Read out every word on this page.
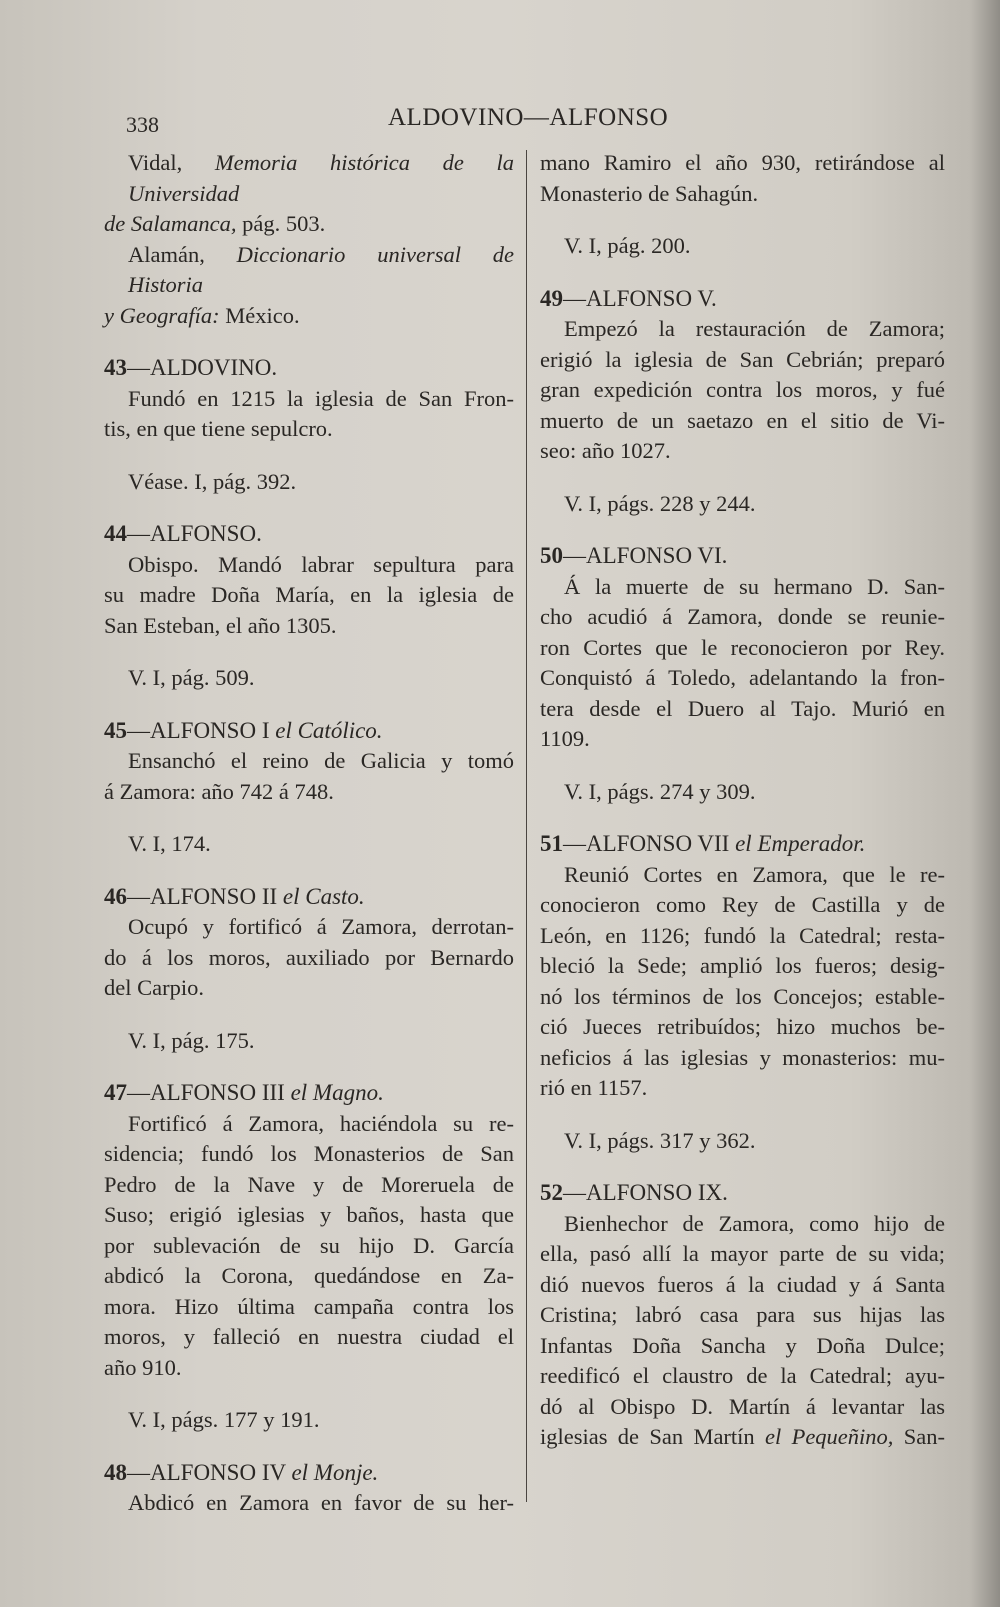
338	ALDOVINO—ALFONSO
Vidal, Memoria histórica de la Universidad
de Salamanca, pág. 503.
Alamán, Diccionario universal de Historia
y Geografía: México.
43—ALDOVINO.
Fundó en 1215 la iglesia de San Fron-
tis, en que tiene sepulcro.
Véase. I, pág. 392.
44—ALFONSO.
Obispo. Mandó labrar sepultura para
su madre Doña María, en la iglesia de
San Esteban, el año 1305.
V. I, pág. 509.
45—ALFONSO I el Católico.
Ensanchó el reino de Galicia y tomó
á Zamora: año 742 á 748.
V. I, 174.
46—ALFONSO II el Casto.
Ocupó y fortificó á Zamora, derrotan-
do á los moros, auxiliado por Bernardo
del Carpio.
V. I, pág. 175.
47—ALFONSO III el Magno.
Fortificó á Zamora, haciéndola su re-
sidencia; fundó los Monasterios de San
Pedro de la Nave y de Moreruela de
Suso; erigió iglesias y baños, hasta que
por sublevación de su hijo D. García
abdicó la Corona, quedándose en Za-
mora. Hizo última campaña contra los
moros, y falleció en nuestra ciudad el
año 910.
V. I, págs. 177 y 191.
48—ALFONSO IV el Monje.
Abdicó en Zamora en favor de su her-
mano Ramiro el año 930, retirándose al
Monasterio de Sahagún.
V. I, pág. 200.
49—ALFONSO V.
Empezó la restauración de Zamora;
erigió la iglesia de San Cebrián; preparó
gran expedición contra los moros, y fué
muerto de un saetazo en el sitio de Vi-
seo: año 1027.
V. I, págs. 228 y 244.
50—ALFONSO VI.
Á la muerte de su hermano D. San-
cho acudió á Zamora, donde se reunie-
ron Cortes que le reconocieron por Rey.
Conquistó á Toledo, adelantando la fron-
tera desde el Duero al Tajo. Murió en
1109.
V. I, págs. 274 y 309.
51—ALFONSO VII el Emperador.
Reunió Cortes en Zamora, que le re-
conocieron como Rey de Castilla y de
León, en 1126; fundó la Catedral; resta-
bleció la Sede; amplió los fueros; desig-
nó los términos de los Concejos; estable-
ció Jueces retribuídos; hizo muchos be-
neficios á las iglesias y monasterios: mu-
rió en 1157.
V. I, págs. 317 y 362.
52—ALFONSO IX.
Bienhechor de Zamora, como hijo de
ella, pasó allí la mayor parte de su vida;
dió nuevos fueros á la ciudad y á Santa
Cristina; labró casa para sus hijas las
Infantas Doña Sancha y Doña Dulce;
reedificó el claustro de la Catedral; ayu-
dó al Obispo D. Martín á levantar las
iglesias de San Martín el Pequeñino, San-
